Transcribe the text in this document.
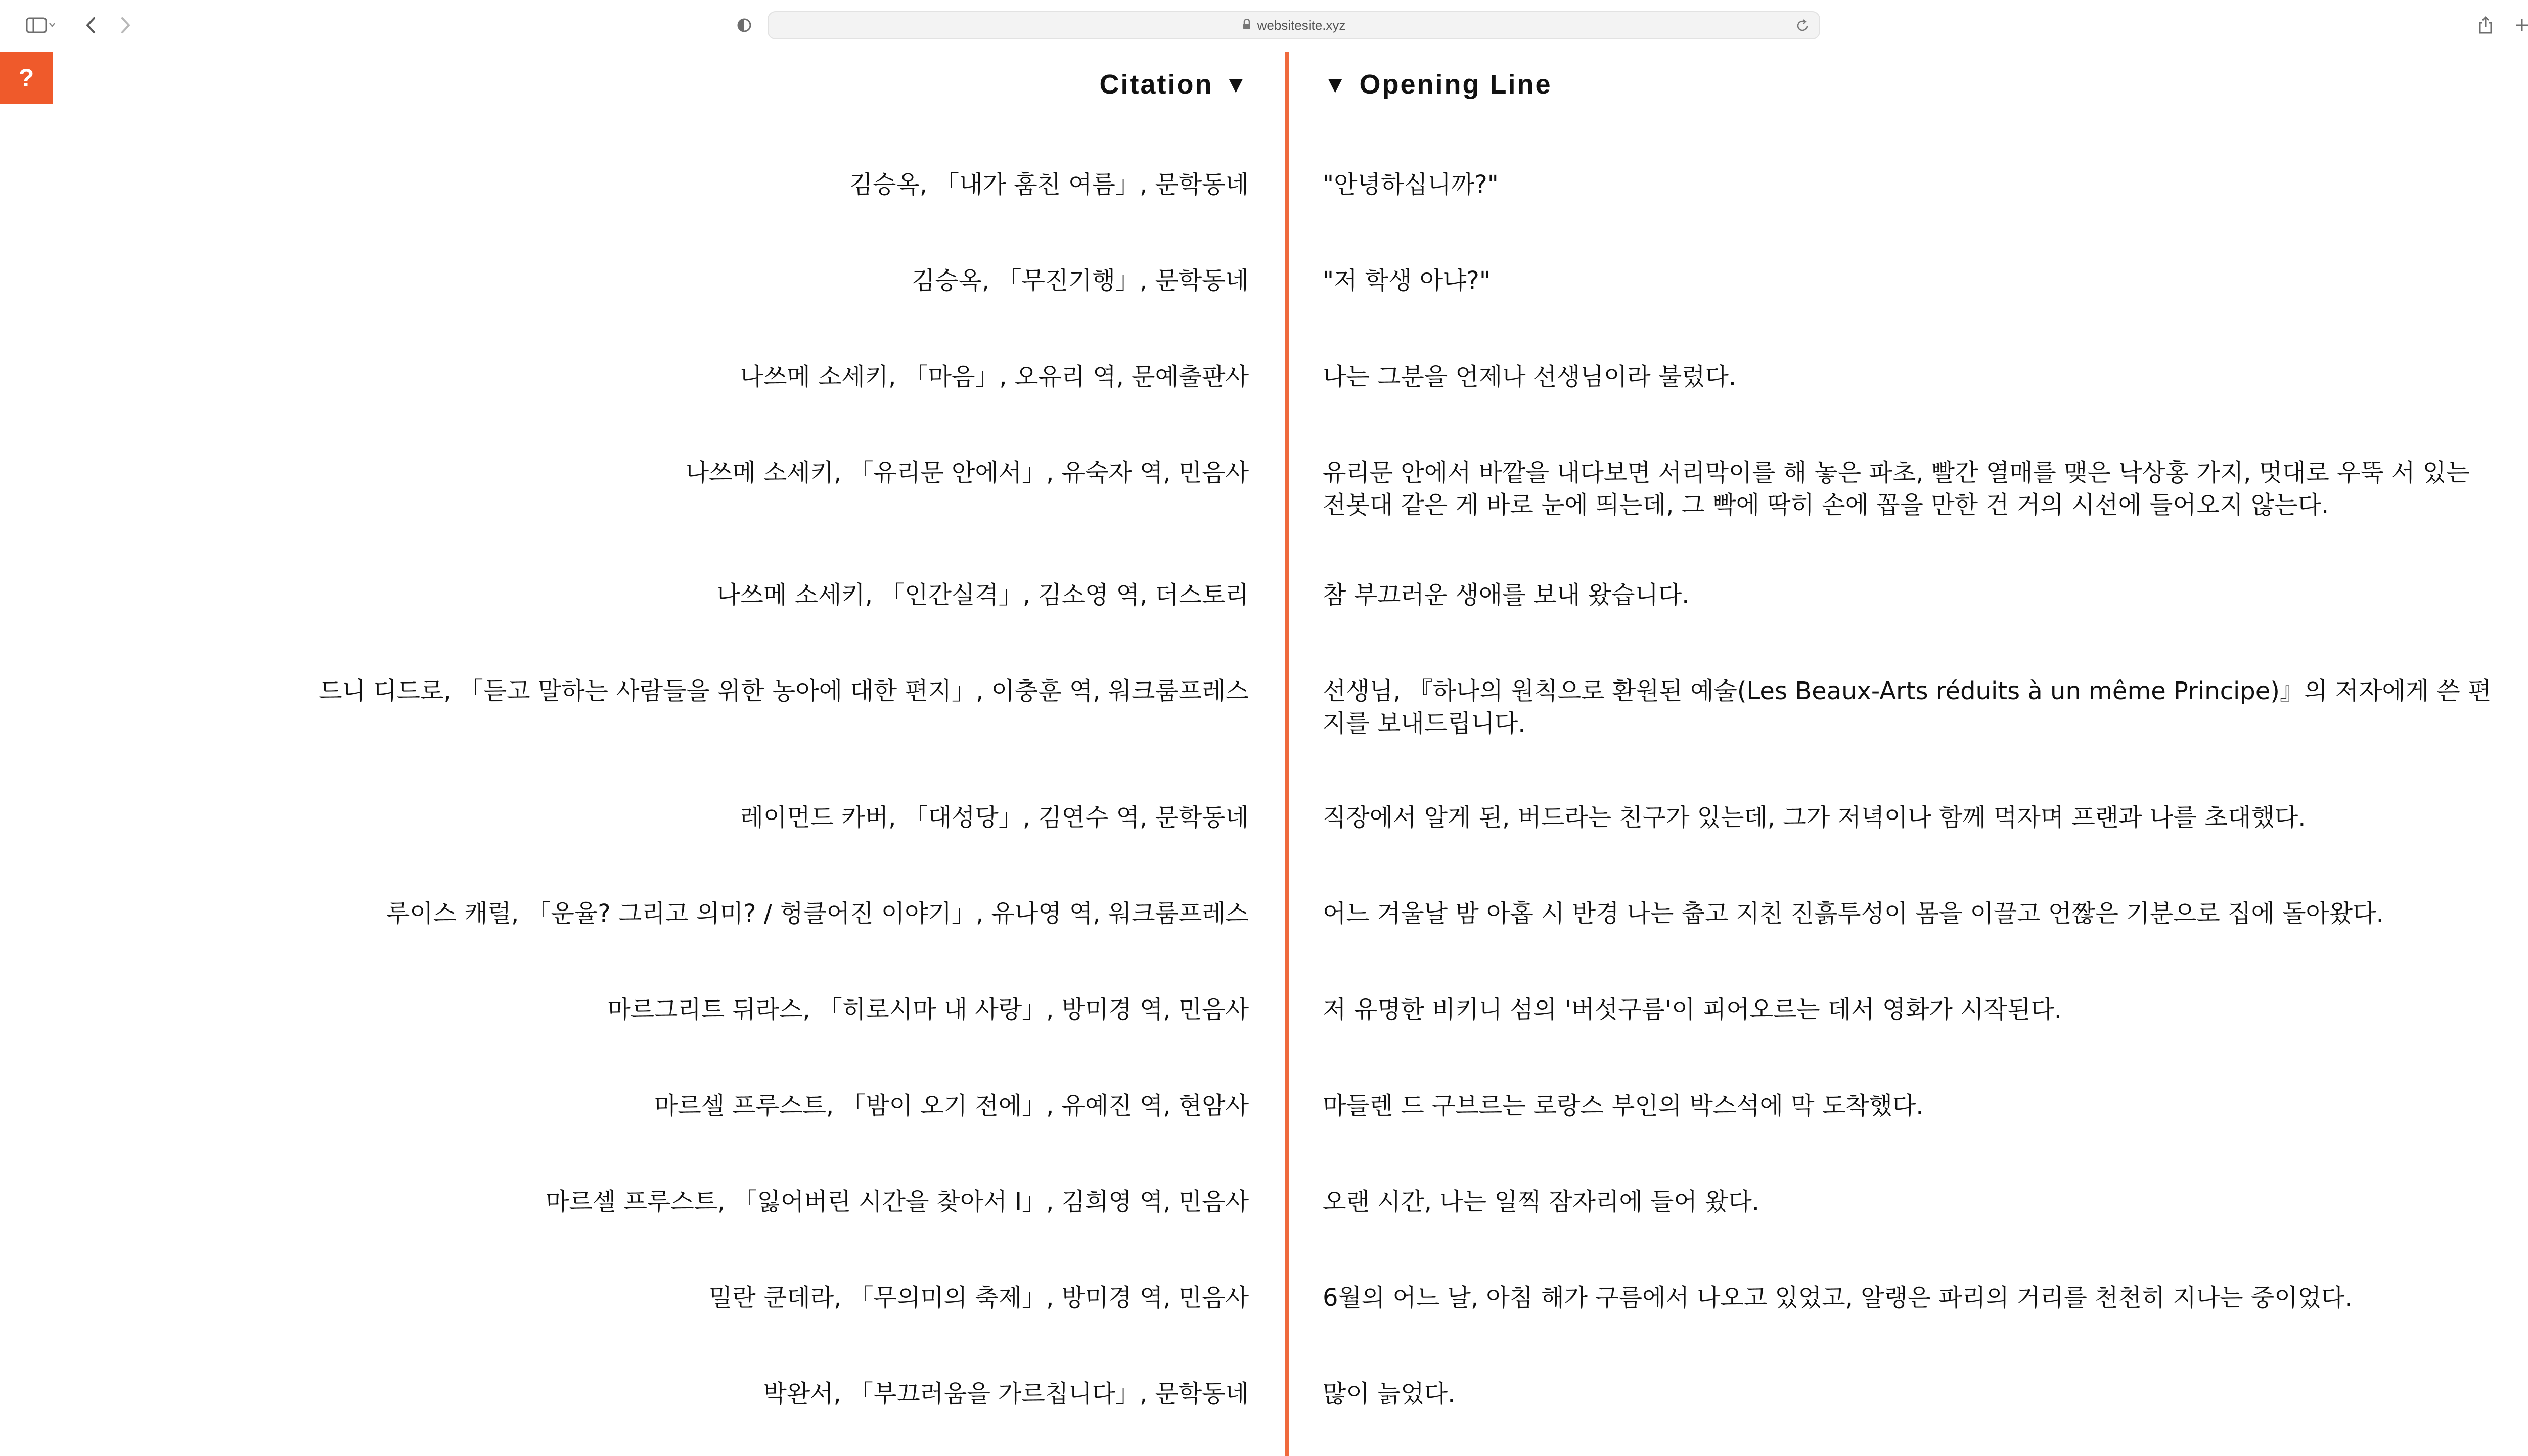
websitesite.xyz
?	Citation ▼	▼ Opening Line
김승옥, 「내가 훔친 여름」, 문학동네	"안녕하십니까?"
김승옥, 「무진기행」, 문학동네	"저 학생 아냐?"
나쓰메 소세키, 「마음」, 오유리 역, 문예출판사	나는 그분을 언제나 선생님이라 불렀다.
나쓰메 소세키, 「유리문 안에서」, 유숙자 역, 민음사	유리문 안에서 바깥을 내다보면 서리막이를 해 놓은 파초, 빨간 열매를 맺은 낙상홍 가지, 멋대로 우뚝 서 있는 전봇대 같은 게 바로 눈에 띄는데, 그 빡에 딱히 손에 꼽을 만한 건 거의 시선에 들어오지 않는다.
나쓰메 소세키, 「인간실격」, 김소영 역, 더스토리	참 부끄러운 생애를 보내 왔습니다.
드니 디드로, 「듣고 말하는 사람들을 위한 농아에 대한 편지」, 이충훈 역, 워크룸프레스	선생님, 『하나의 원칙으로 환원된 예술(Les Beaux-Arts réduits à un même Principe)』의 저자에게 쓴 편지를 보내드립니다.
레이먼드 카버, 「대성당」, 김연수 역, 문학동네	직장에서 알게 된, 버드라는 친구가 있는데, 그가 저녁이나 함께 먹자며 프랜과 나를 초대했다.
루이스 캐럴, 「운율? 그리고 의미? / 헝클어진 이야기」, 유나영 역, 워크룸프레스	어느 겨울날 밤 아홉 시 반경 나는 춥고 지친 진흙투성이 몸을 이끌고 언짢은 기분으로 집에 돌아왔다.
마르그리트 뒤라스, 「히로시마 내 사랑」, 방미경 역, 민음사	저 유명한 비키니 섬의 '버섯구름'이 피어오르는 데서 영화가 시작된다.
마르셀 프루스트, 「밤이 오기 전에」, 유예진 역, 현암사	마들렌 드 구브르는 로랑스 부인의 박스석에 막 도착했다.
마르셀 프루스트, 「잃어버린 시간을 찾아서 I」, 김희영 역, 민음사	오랜 시간, 나는 일찍 잠자리에 들어 왔다.
밀란 쿤데라, 「무의미의 축제」, 방미경 역, 민음사	6월의 어느 날, 아침 해가 구름에서 나오고 있었고, 알랭은 파리의 거리를 천천히 지나는 중이었다.
박완서, 「부끄러움을 가르칩니다」, 문학동네	많이 늙었다.
